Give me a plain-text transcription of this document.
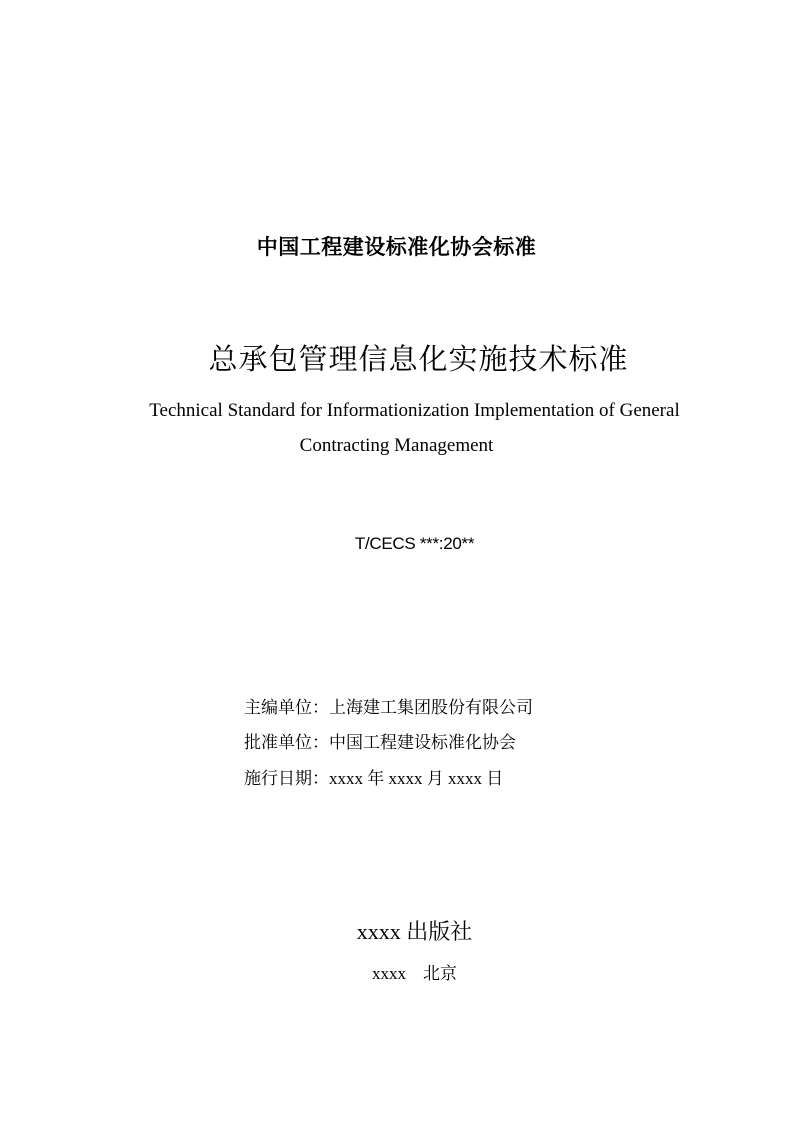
中国工程建设标准化协会标准
总承包管理信息化实施技术标准
Technical Standard for Informationization Implementation of General
Contracting Management
T/CECS ***:20**
主编单位：上海建工集团股份有限公司
批准单位：中国工程建设标准化协会
施行日期：xxxx 年 xxxx 月 xxxx 日
xxxx 出版社
xxxx　北京
